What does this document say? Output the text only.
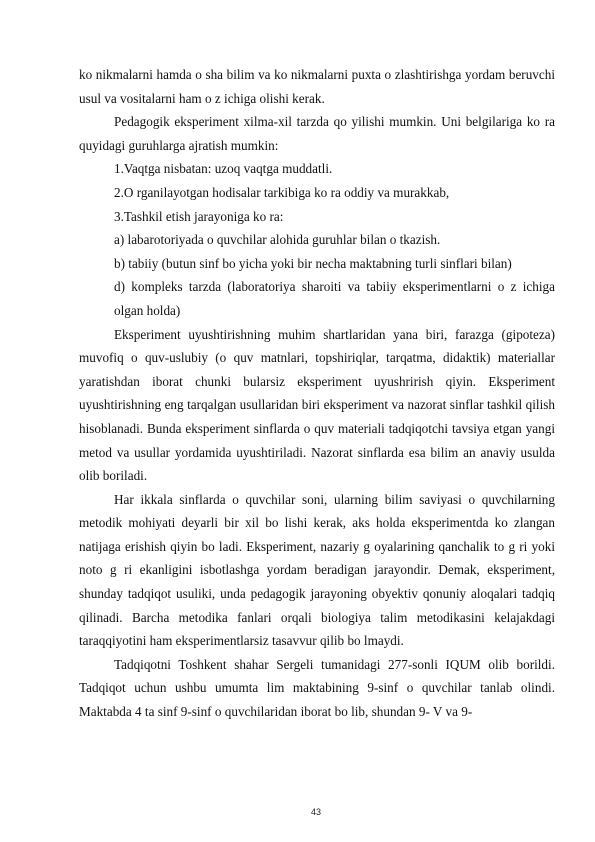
ko nikmalarni hamda o sha bilim va ko nikmalarni puxta o zlashtirishga yordam beruvchi usul va vositalarni ham o z ichiga olishi kerak.

Pedagogik eksperiment xilma-xil tarzda qo yilishi mumkin. Uni belgilariga ko ra quyidagi guruhlarga ajratish mumkin:

1.Vaqtga nisbatan: uzoq vaqtga muddatli.

2.O rganilayotgan hodisalar tarkibiga ko ra oddiy va murakkab,

3.Tashkil etish jarayoniga ko ra:

a) labarotoriyada o quvchilar alohida guruhlar bilan o tkazish.

b) tabiiy (butun sinf bo yicha yoki bir necha maktabning turli sinflari bilan)

d) kompleks tarzda (laboratoriya sharoiti va tabiiy eksperimentlarni o z ichiga olgan holda)

Eksperiment uyushtirishning muhim shartlaridan yana biri, farazga (gipoteza) muvofiq o quv-uslubiy (o quv matnlari, topshiriqlar, tarqatma, didaktik) materiallar yaratishdan iborat chunki bularsiz eksperiment uyushrirish qiyin. Eksperiment uyushtirishning eng tarqalgan usullaridan biri eksperiment va nazorat sinflar tashkil qilish hisoblanadi. Bunda eksperiment sinflarda o quv materiali tadqiqotchi tavsiya etgan yangi metod va usullar yordamida uyushtiriladi. Nazorat sinflarda esa bilim an anaviy usulda olib boriladi.

Har ikkala sinflarda o quvchilar soni, ularning bilim saviyasi o quvchilarning metodik mohiyati deyarli bir xil bo lishi kerak, aks holda eksperimentda ko zlangan natijaga erishish qiyin bo ladi. Eksperiment, nazariy g oyalarining qanchalik to g ri yoki noto g ri ekanligini isbotlashga yordam beradigan jarayondir. Demak, eksperiment, shunday tadqiqot usuliki, unda pedagogik jarayoning obyektiv qonuniy aloqalari tadqiq qilinadi. Barcha metodika fanlari orqali biologiya talim metodikasini kelajakdagi taraqqiyotini ham eksperimentlarsiz tasavvur qilib bo lmaydi.

Tadqiqotni Toshkent shahar Sergeli tumanidagi 277-sonli IQUM olib borildi. Tadqiqot uchun ushbu umumta lim maktabining 9-sinf o quvchilar tanlab olindi. Maktabda 4 ta sinf 9-sinf o quvchilaridan iborat bo lib, shundan 9- V va 9-

43
